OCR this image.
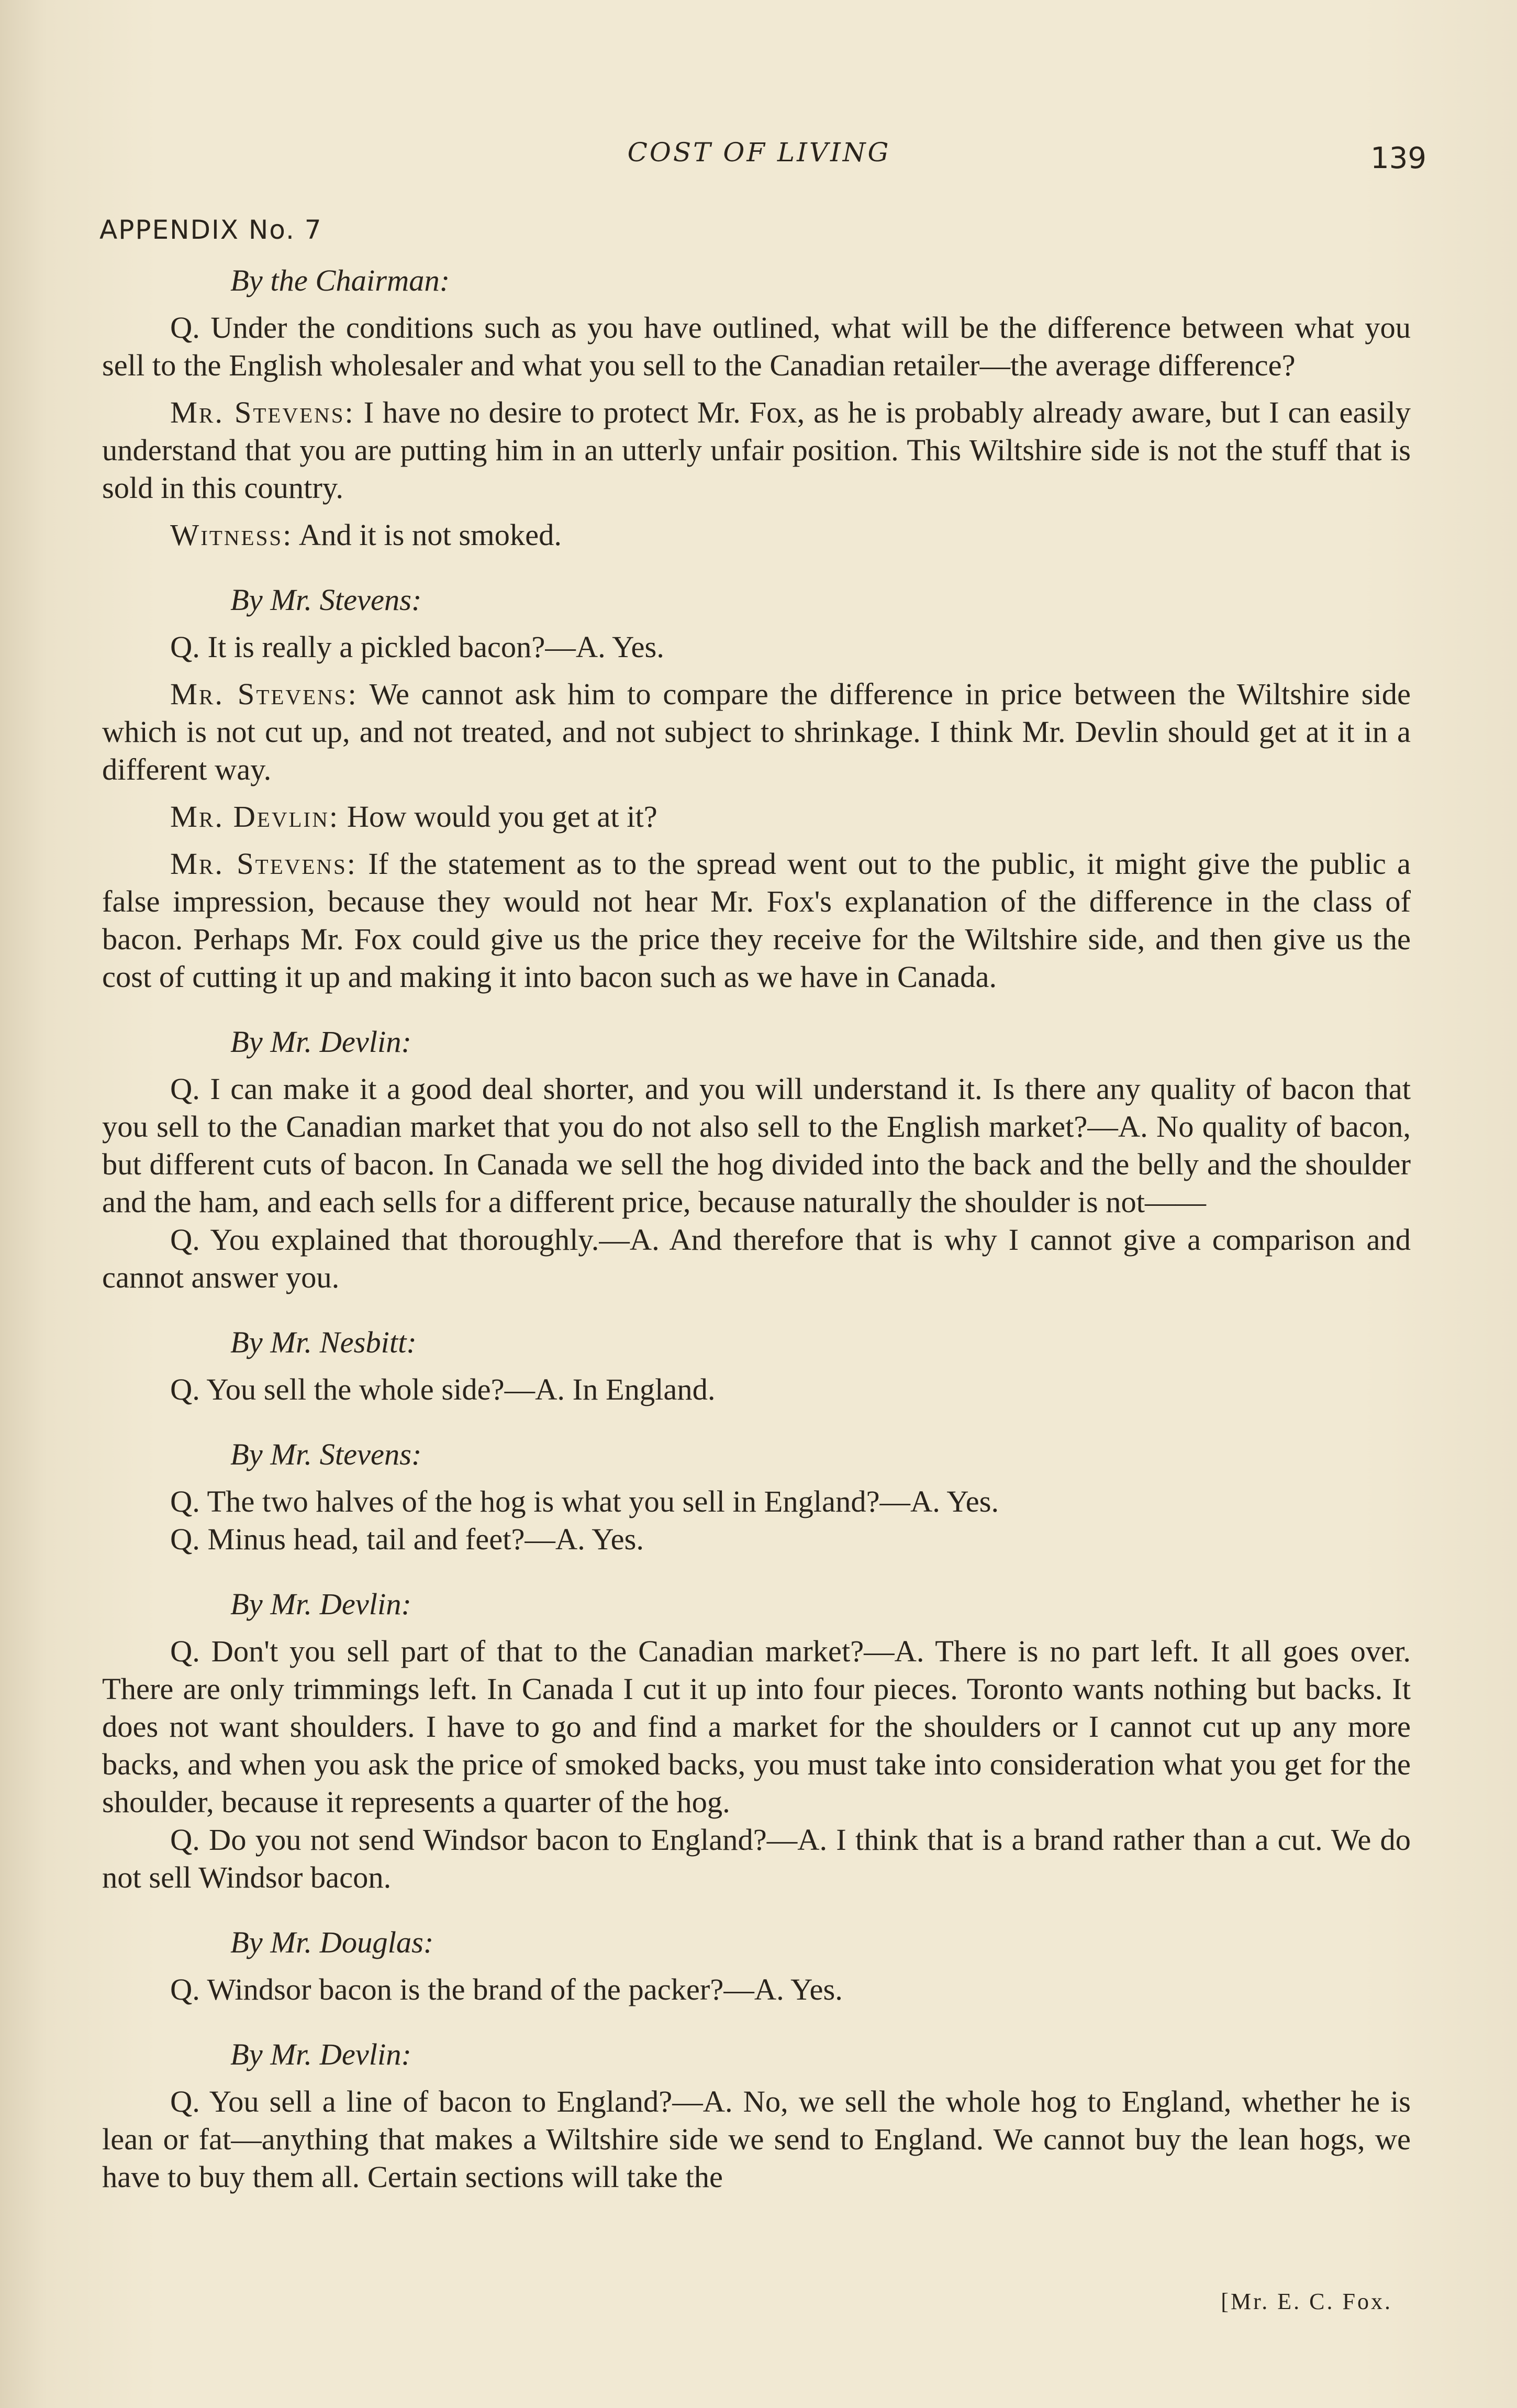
COST OF LIVING	139
APPENDIX No. 7
By the Chairman:
Q. Under the conditions such as you have outlined, what will be the difference between what you sell to the English wholesaler and what you sell to the Canadian retailer—the average difference?
Mr. Stevens: I have no desire to protect Mr. Fox, as he is probably already aware, but I can easily understand that you are putting him in an utterly unfair position. This Wiltshire side is not the stuff that is sold in this country.
Witness: And it is not smoked.
By Mr. Stevens:
Q. It is really a pickled bacon?—A. Yes.
Mr. Stevens: We cannot ask him to compare the difference in price between the Wiltshire side which is not cut up, and not treated, and not subject to shrinkage. I think Mr. Devlin should get at it in a different way.
Mr. Devlin: How would you get at it?
Mr. Stevens: If the statement as to the spread went out to the public, it might give the public a false impression, because they would not hear Mr. Fox's explanation of the difference in the class of bacon. Perhaps Mr. Fox could give us the price they receive for the Wiltshire side, and then give us the cost of cutting it up and making it into bacon such as we have in Canada.
By Mr. Devlin:
Q. I can make it a good deal shorter, and you will understand it. Is there any quality of bacon that you sell to the Canadian market that you do not also sell to the English market?—A. No quality of bacon, but different cuts of bacon. In Canada we sell the hog divided into the back and the belly and the shoulder and the ham, and each sells for a different price, because naturally the shoulder is not——
Q. You explained that thoroughly.—A. And therefore that is why I cannot give a comparison and cannot answer you.
By Mr. Nesbitt:
Q. You sell the whole side?—A. In England.
By Mr. Stevens:
Q. The two halves of the hog is what you sell in England?—A. Yes.
Q. Minus head, tail and feet?—A. Yes.
By Mr. Devlin:
Q. Don't you sell part of that to the Canadian market?—A. There is no part left. It all goes over. There are only trimmings left. In Canada I cut it up into four pieces. Toronto wants nothing but backs. It does not want shoulders. I have to go and find a market for the shoulders or I cannot cut up any more backs, and when you ask the price of smoked backs, you must take into consideration what you get for the shoulder, because it represents a quarter of the hog.
Q. Do you not send Windsor bacon to England?—A. I think that is a brand rather than a cut. We do not sell Windsor bacon.
By Mr. Douglas:
Q. Windsor bacon is the brand of the packer?—A. Yes.
By Mr. Devlin:
Q. You sell a line of bacon to England?—A. No, we sell the whole hog to England, whether he is lean or fat—anything that makes a Wiltshire side we send to England. We cannot buy the lean hogs, we have to buy them all. Certain sections will take the
[Mr. E. C. Fox.
